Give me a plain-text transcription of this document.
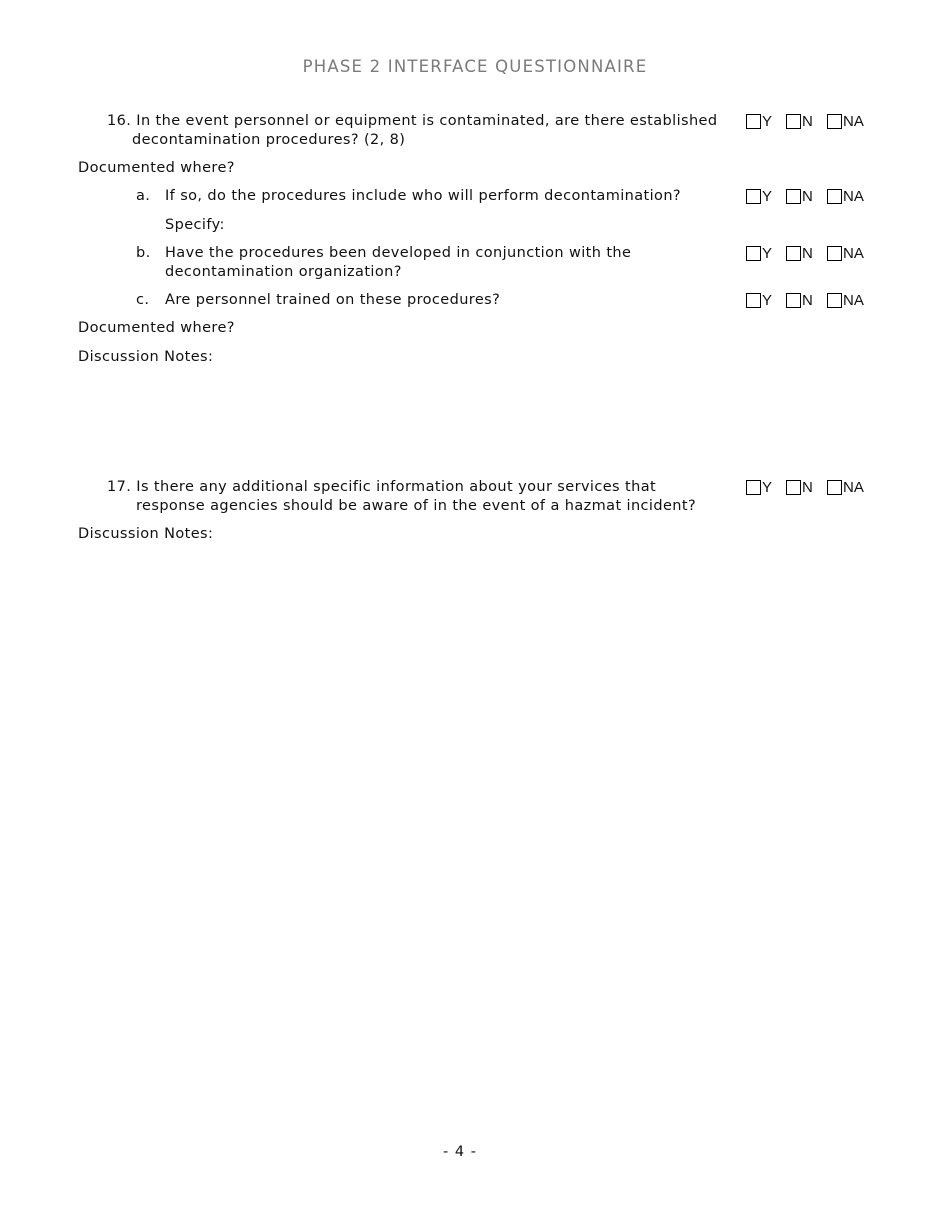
PHASE 2 INTERFACE QUESTIONNAIRE
16. In the event personnel or equipment is contaminated, are there established
decontamination procedures? (2, 8)
Y N NA
Documented where?
a. If so, do the procedures include who will perform decontamination?	Y N NA
Specify:
b. Have the procedures been developed in conjunction with the
decontamination organization?
Y N NA
c. Are personnel trained on these procedures?	Y N NA
Documented where?
Discussion Notes:
17. Is there any additional specific information about your services that
response agencies should be aware of in the event of a hazmat incident?
Y N NA
Discussion Notes:
- 4 -
